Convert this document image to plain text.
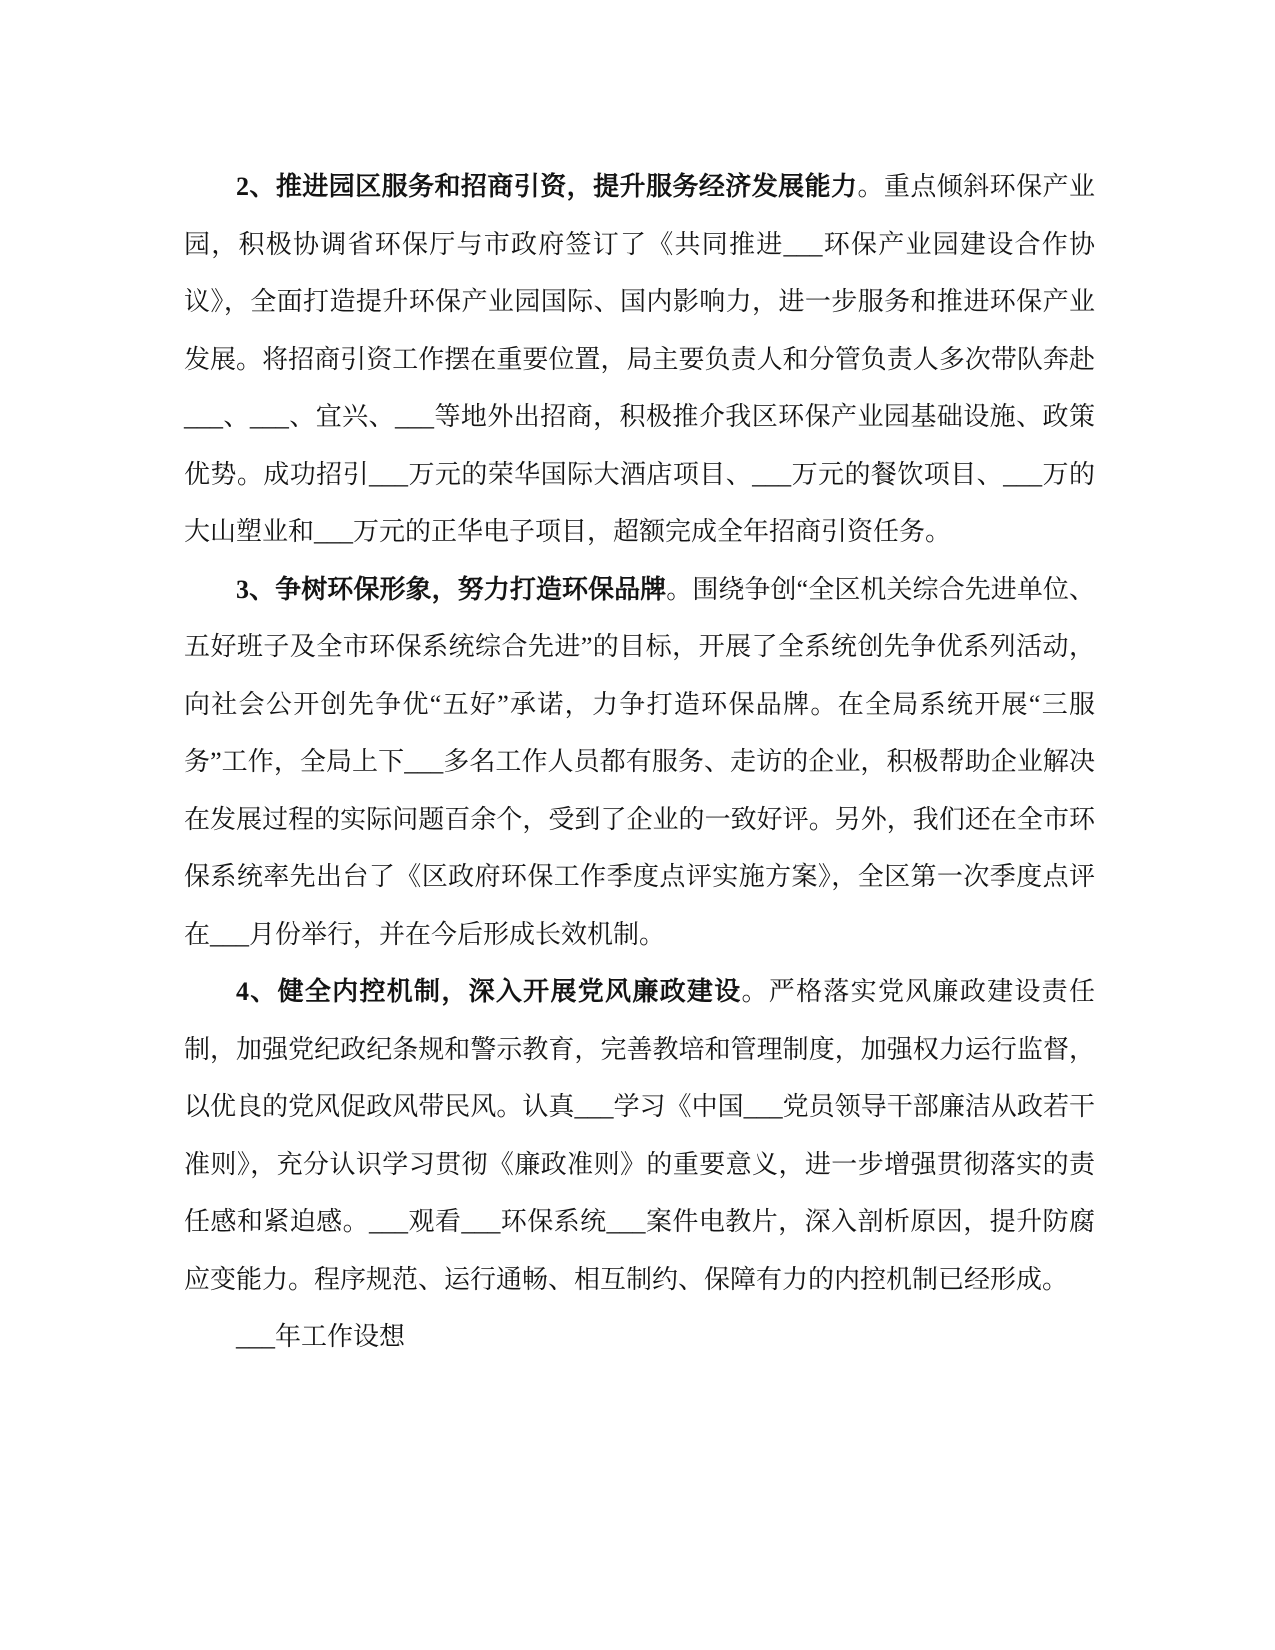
2、推进园区服务和招商引资，提升服务经济发展能力。重点倾斜环保产业园，积极协调省环保厅与市政府签订了《共同推进___环保产业园建设合作协议》，全面打造提升环保产业园国际、国内影响力，进一步服务和推进环保产业发展。将招商引资工作摆在重要位置，局主要负责人和分管负责人多次带队奔赴___、___、宜兴、___等地外出招商，积极推介我区环保产业园基础设施、政策优势。成功招引___万元的荣华国际大酒店项目、___万元的餐饮项目、___万的大山塑业和___万元的正华电子项目，超额完成全年招商引资任务。

3、争树环保形象，努力打造环保品牌。围绕争创“全区机关综合先进单位、五好班子及全市环保系统综合先进”的目标，开展了全系统创先争优系列活动，向社会公开创先争优“五好”承诺，力争打造环保品牌。在全局系统开展“三服务”工作，全局上下___多名工作人员都有服务、走访的企业，积极帮助企业解决在发展过程的实际问题百余个，受到了企业的一致好评。另外，我们还在全市环保系统率先出台了《区政府环保工作季度点评实施方案》，全区第一次季度点评在___月份举行，并在今后形成长效机制。

4、健全内控机制，深入开展党风廉政建设。严格落实党风廉政建设责任制，加强党纪政纪条规和警示教育，完善教培和管理制度，加强权力运行监督，以优良的党风促政风带民风。认真___学习《中国___党员领导干部廉洁从政若干准则》，充分认识学习贯彻《廉政准则》的重要意义，进一步增强贯彻落实的责任感和紧迫感。___观看___环保系统___案件电教片，深入剖析原因，提升防腐应变能力。程序规范、运行通畅、相互制约、保障有力的内控机制已经形成。

___年工作设想
